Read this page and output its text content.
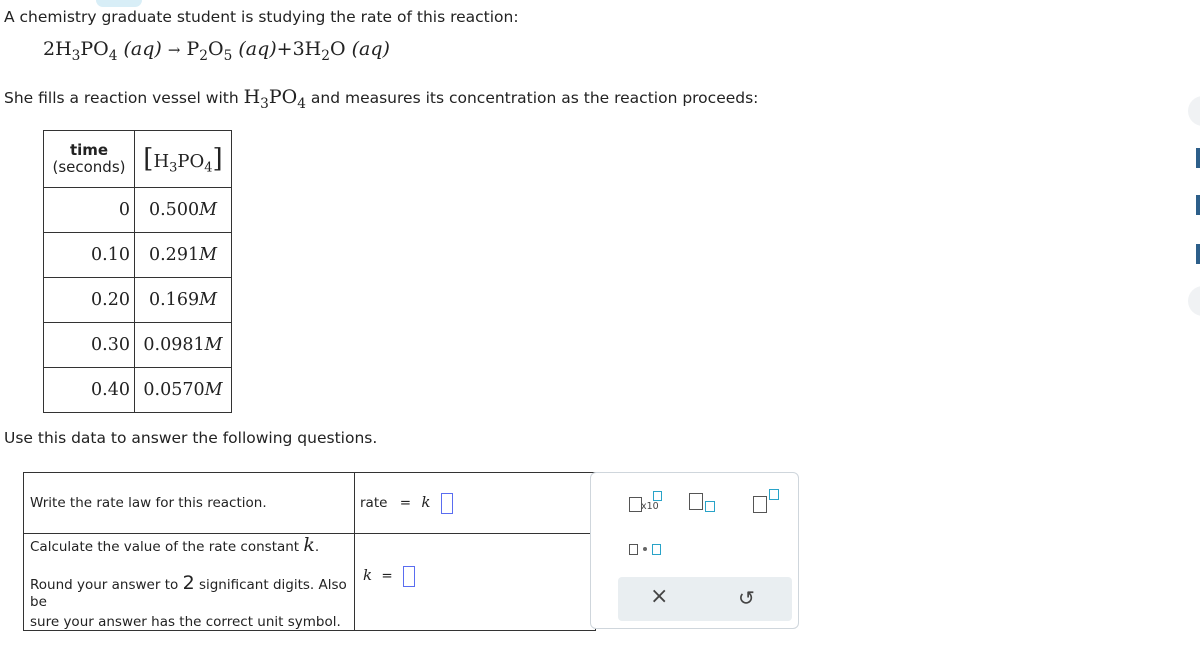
A chemistry graduate student is studying the rate of this reaction:
$2H_3PO_4$ $(aq) \to P_2O_5$ $(aq)+3H_2O$ (aq)
She fills a reaction vessel with $H_3PO_4$ and measures its concentration as the reaction proceeds:
time
(seconds)	$[H_3PO_4]$
0	0.500M
0.10	0.291M
0.20	0.169M
0.30	0.0981M
0.40	0.0570M
Use this data to answer the following questions.
Write the rate law for this reaction.	rate = k

Calculate the value of the rate constant k.
Round your answer to 2 significant digits. Also be
sure your answer has the correct unit symbol.	k =
x10
×	↺
